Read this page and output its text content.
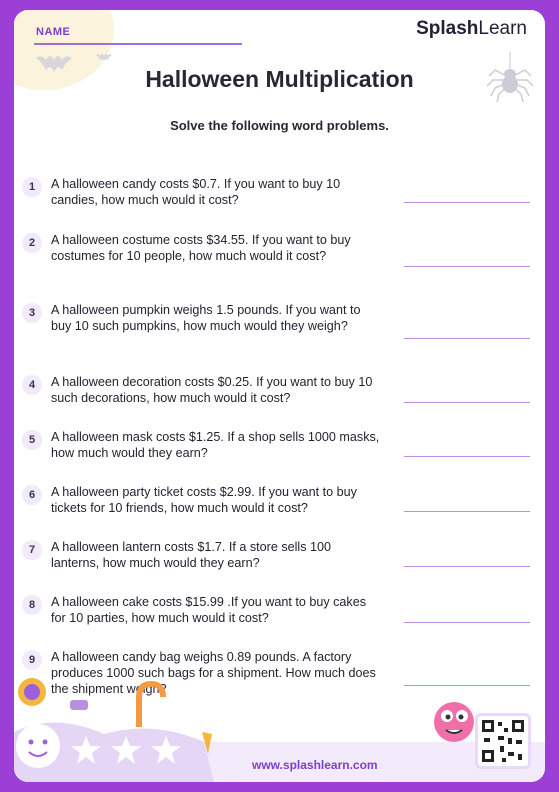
NAME	SplashLearn
Halloween Multiplication
Solve the following word problems.
1	A halloween candy costs $0.7. If you want to buy 10 candies, how much would it cost?
2	A halloween costume costs $34.55. If you want to buy costumes for 10 people, how much would it cost?
3	A halloween pumpkin weighs 1.5 pounds. If you want to buy 10 such pumpkins, how much would they weigh?
4	A halloween decoration costs $0.25. If you want to buy 10 such decorations, how much would it cost?
5	A halloween mask costs $1.25. If a shop sells 1000 masks, how much would they earn?
6	A halloween party ticket costs $2.99. If you want to buy tickets for 10 friends, how much would it cost?
7	A halloween lantern costs $1.7. If a store sells 100 lanterns, how much would they earn?
8	A halloween cake costs $15.99 .If you want to buy cakes for 10 parties, how much would it cost?
9	A halloween candy bag weighs 0.89 pounds. A factory produces 1000 such bags for a shipment. How much does the shipment weigh?
www.splashlearn.com
